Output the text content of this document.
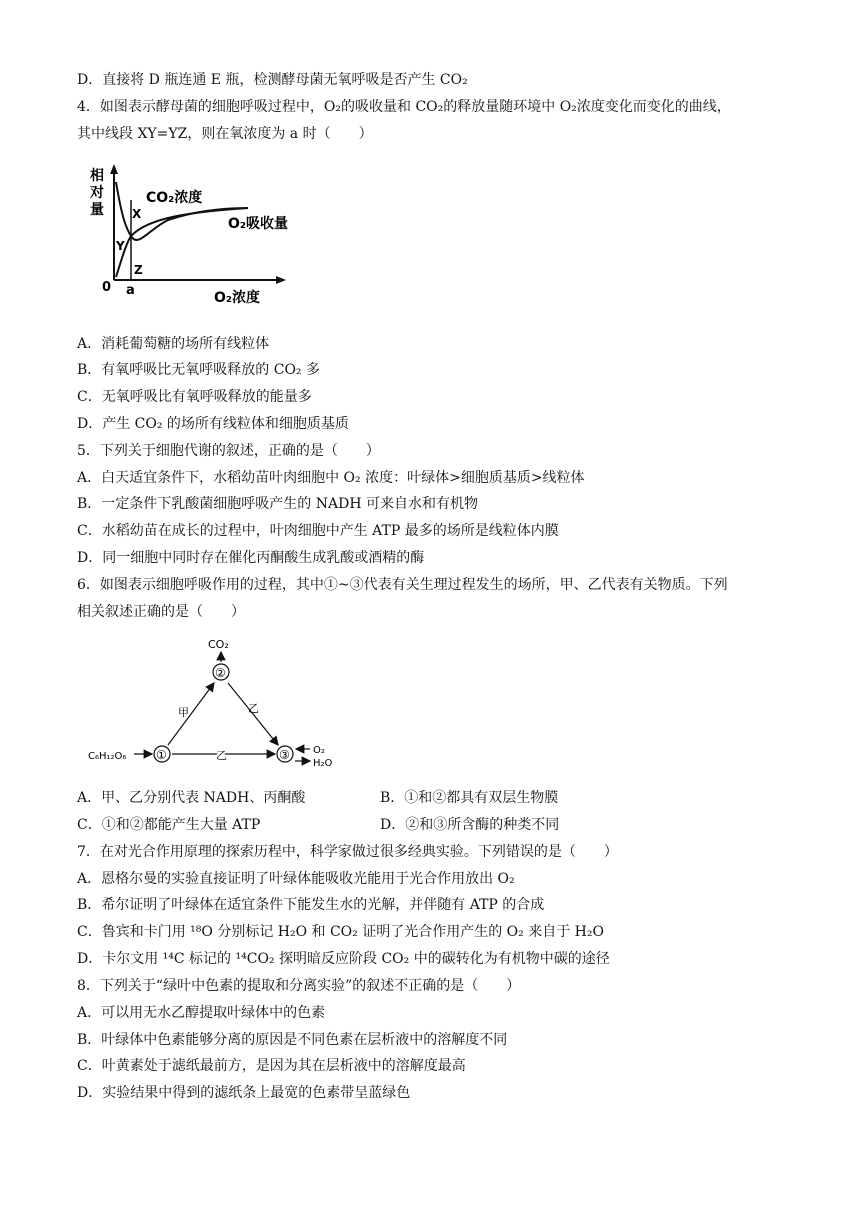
D．直接将 D 瓶连通 E 瓶，检测酵母菌无氧呼吸是否产生 CO₂
4．如图表示酵母菌的细胞呼吸过程中，O₂的吸收量和 CO₂的释放量随环境中 O₂浓度变化而变化的曲线，
其中线段 XY=YZ，则在氧浓度为 a 时（　　）
相
对
量
CO₂浓度
O₂吸收量
X
Y
Z
0 a	O₂浓度
A．消耗葡萄糖的场所有线粒体
B．有氧呼吸比无氧呼吸释放的 CO₂ 多
C．无氧呼吸比有氧呼吸释放的能量多
D．产生 CO₂ 的场所有线粒体和细胞质基质
5．下列关于细胞代谢的叙述，正确的是（　　）
A．白天适宜条件下，水稻幼苗叶肉细胞中 O₂ 浓度：叶绿体>细胞质基质>线粒体
B．一定条件下乳酸菌细胞呼吸产生的 NADH 可来自水和有机物
C．水稻幼苗在成长的过程中，叶肉细胞中产生 ATP 最多的场所是线粒体内膜
D．同一细胞中同时存在催化丙酮酸生成乳酸或酒精的酶
6．如图表示细胞呼吸作用的过程，其中①~③代表有关生理过程发生的场所，甲、乙代表有关物质。下列
相关叙述正确的是（　　）
CO₂
②
①	③
C₆H₁₂O₆
甲	乙
乙	O₂
H₂O
A．甲、乙分别代表 NADH、丙酮酸	B．①和②都具有双层生物膜
C．①和②都能产生大量 ATP	D．②和③所含酶的种类不同
7．在对光合作用原理的探索历程中，科学家做过很多经典实验。下列错误的是（　　）
A．恩格尔曼的实验直接证明了叶绿体能吸收光能用于光合作用放出 O₂
B．希尔证明了叶绿体在适宜条件下能发生水的光解，并伴随有 ATP 的合成
C．鲁宾和卡门用 ¹⁸O 分别标记 H₂O 和 CO₂ 证明了光合作用产生的 O₂ 来自于 H₂O
D．卡尔文用 ¹⁴C 标记的 ¹⁴CO₂ 探明暗反应阶段 CO₂ 中的碳转化为有机物中碳的途径
8．下列关于“绿叶中色素的提取和分离实验”的叙述不正确的是（　　）
A．可以用无水乙醇提取叶绿体中的色素
B．叶绿体中色素能够分离的原因是不同色素在层析液中的溶解度不同
C．叶黄素处于滤纸最前方，是因为其在层析液中的溶解度最高
D．实验结果中得到的滤纸条上最宽的色素带呈蓝绿色
